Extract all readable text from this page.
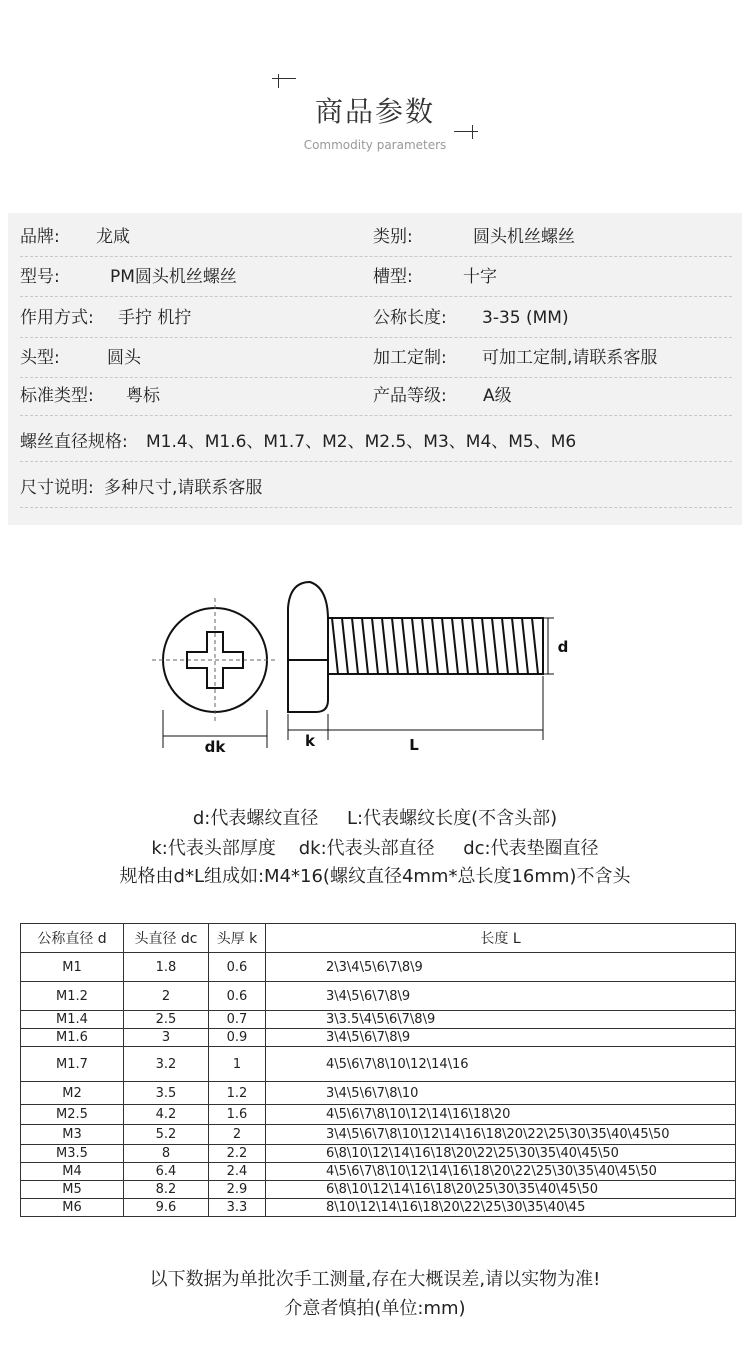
商品参数
Commodity parameters
品牌: 龙咸	类别:	圆头机丝螺丝
型号:	PM圆头机丝螺丝	槽型:	十字
作用方式: 手拧 机拧	公称长度: 3-35 (MM)
头型:	圆头	加工定制: 可加工定制,请联系客服
标准类型: 粤标	产品等级: A级
螺丝直径规格: M1.4、M1.6、M1.7、M2、M2.5、M3、M4、M5、M6
尺寸说明: 多种尺寸,请联系客服
dk
d
k	L
d:代表螺纹直径     L:代表螺纹长度(不含头部)
k:代表头部厚度    dk:代表头部直径     dc:代表垫圈直径
规格由d*L组成如:M4*16(螺纹直径4mm*总长度16mm)不含头
公称直径 d	头直径 dc	头厚 k	长度 L
M1	1.8	0.6	2\3\4\5\6\7\8\9
M1.2	2	0.6	3\4\5\6\7\8\9
M1.4	2.5	0.7	3\3.5\4\5\6\7\8\9
M1.6	3	0.9	3\4\5\6\7\8\9
M1.7	3.2	1	4\5\6\7\8\10\12\14\16
M2	3.5	1.2	3\4\5\6\7\8\10
M2.5	4.2	1.6	4\5\6\7\8\10\12\14\16\18\20
M3	5.2	2	3\4\5\6\7\8\10\12\14\16\18\20\22\25\30\35\40\45\50
M3.5	8	2.2	6\8\10\12\14\16\18\20\22\25\30\35\40\45\50
M4	6.4	2.4	4\5\6\7\8\10\12\14\16\18\20\22\25\30\35\40\45\50
M5	8.2	2.9	6\8\10\12\14\16\18\20\25\30\35\40\45\50
M6	9.6	3.3	8\10\12\14\16\18\20\22\25\30\35\40\45
以下数据为单批次手工测量,存在大概误差,请以实物为准!
介意者慎拍(单位:mm)
